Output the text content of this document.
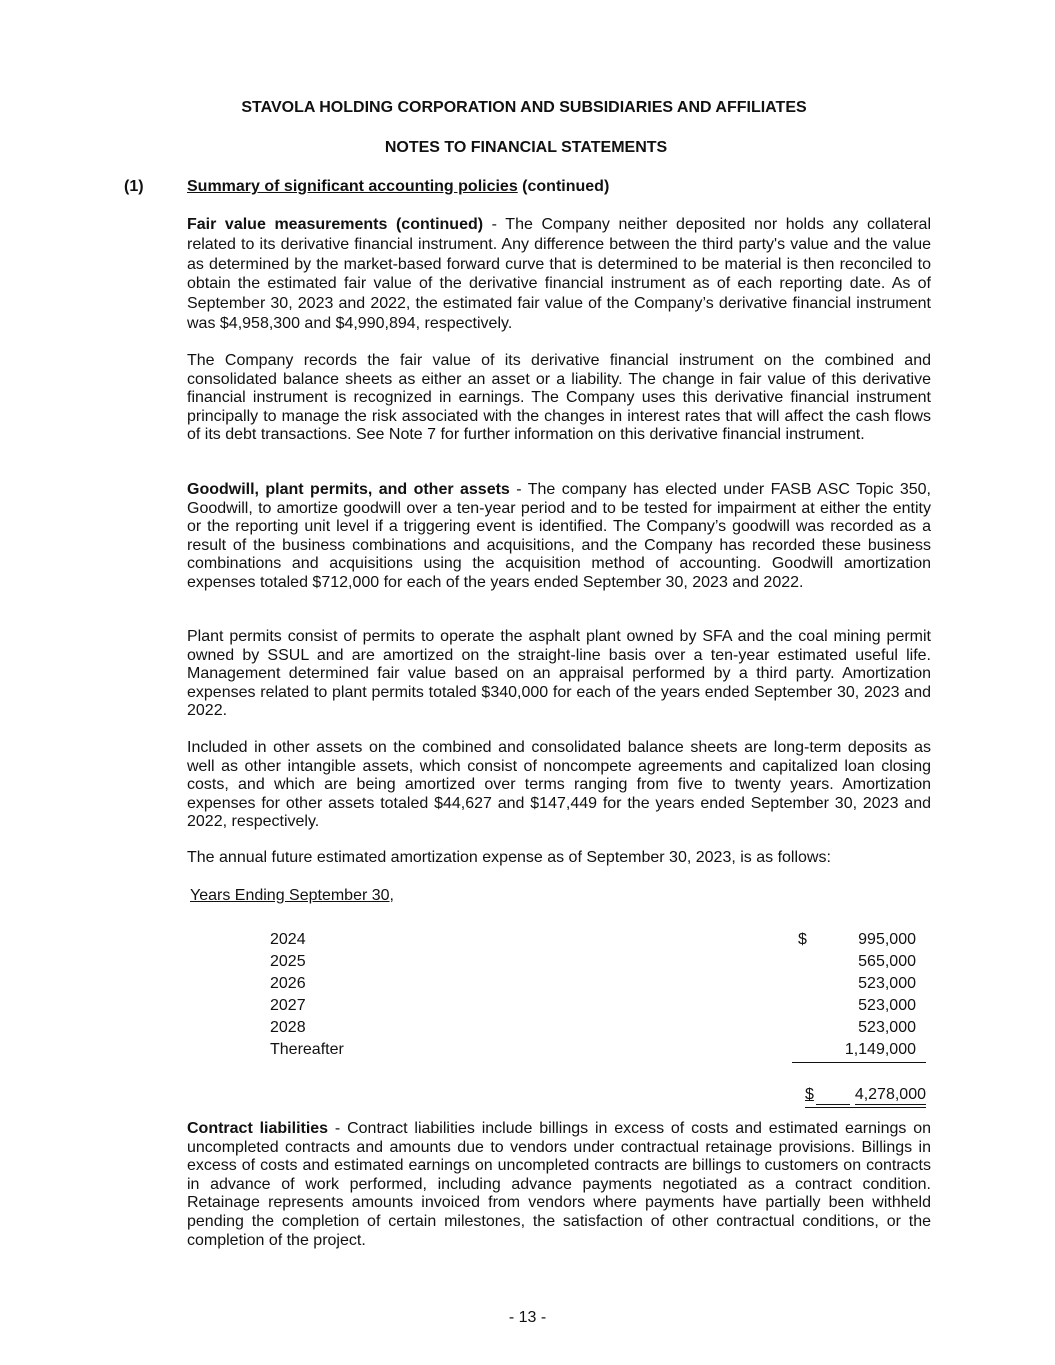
STAVOLA HOLDING CORPORATION AND SUBSIDIARIES AND AFFILIATES
NOTES TO FINANCIAL STATEMENTS
(1)	Summary of significant accounting policies (continued)
Fair value measurements (continued) - The Company neither deposited nor holds any collateral related to its derivative financial instrument. Any difference between the third party's value and the value as determined by the market-based forward curve that is determined to be material is then reconciled to obtain the estimated fair value of the derivative financial instrument as of each reporting date. As of September 30, 2023 and 2022, the estimated fair value of the Company’s derivative financial instrument was $4,958,300 and $4,990,894, respectively.
The Company records the fair value of its derivative financial instrument on the combined and consolidated balance sheets as either an asset or a liability. The change in fair value of this derivative financial instrument is recognized in earnings. The Company uses this derivative financial instrument principally to manage the risk associated with the changes in interest rates that will affect the cash flows of its debt transactions. See Note 7 for further information on this derivative financial instrument.
Goodwill, plant permits, and other assets - The company has elected under FASB ASC Topic 350, Goodwill, to amortize goodwill over a ten-year period and to be tested for impairment at either the entity or the reporting unit level if a triggering event is identified. The Company’s goodwill was recorded as a result of the business combinations and acquisitions, and the Company has recorded these business combinations and acquisitions using the acquisition method of accounting. Goodwill amortization expenses totaled $712,000 for each of the years ended September 30, 2023 and 2022.
Plant permits consist of permits to operate the asphalt plant owned by SFA and the coal mining permit owned by SSUL and are amortized on the straight-line basis over a ten-year estimated useful life. Management determined fair value based on an appraisal performed by a third party. Amortization expenses related to plant permits totaled $340,000 for each of the years ended September 30, 2023 and 2022.
Included in other assets on the combined and consolidated balance sheets are long-term deposits as well as other intangible assets, which consist of noncompete agreements and capitalized loan closing costs, and which are being amortized over terms ranging from five to twenty years. Amortization expenses for other assets totaled $44,627 and $147,449 for the years ended September 30, 2023 and 2022, respectively.
The annual future estimated amortization expense as of September 30, 2023, is as follows:
Years Ending September 30,
2024	$	995,000
2025	565,000
2026	523,000
2027	523,000
2028	523,000
Thereafter	1,149,000
$	4,278,000
Contract liabilities - Contract liabilities include billings in excess of costs and estimated earnings on uncompleted contracts and amounts due to vendors under contractual retainage provisions. Billings in excess of costs and estimated earnings on uncompleted contracts are billings to customers on contracts in advance of work performed, including advance payments negotiated as a contract condition. Retainage represents amounts invoiced from vendors where payments have partially been withheld pending the completion of certain milestones, the satisfaction of other contractual conditions, or the completion of the project.
- 13 -
